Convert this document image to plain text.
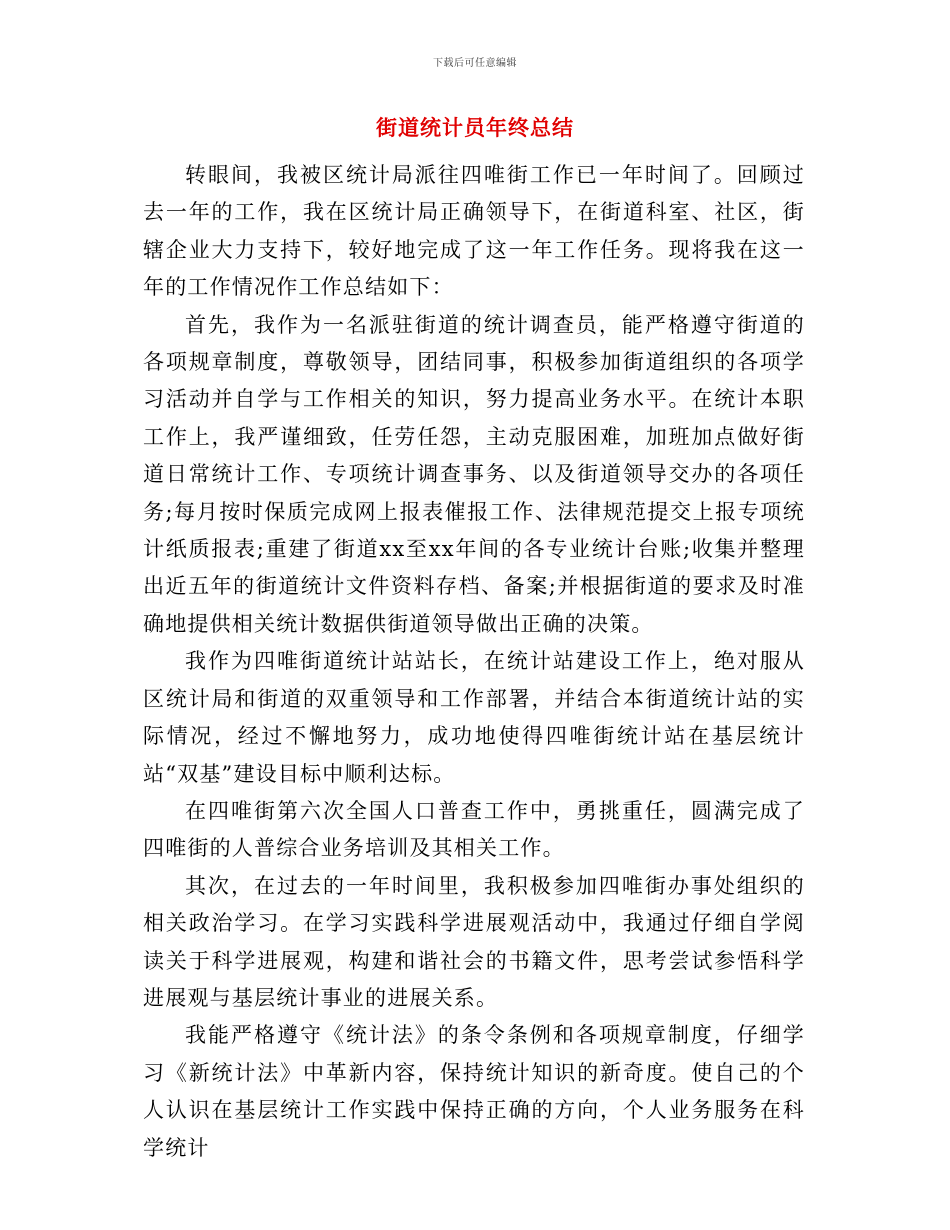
下载后可任意编辑
街道统计员年终总结

转眼间，我被区统计局派往四唯街工作已一年时间了。回顾过去一年的工作，我在区统计局正确领导下，在街道科室、社区，街辖企业大力支持下，较好地完成了这一年工作任务。现将我在这一年的工作情况作工作总结如下：

首先，我作为一名派驻街道的统计调查员，能严格遵守街道的各项规章制度，尊敬领导，团结同事，积极参加街道组织的各项学习活动并自学与工作相关的知识，努力提高业务水平。在统计本职工作上，我严谨细致，任劳任怨，主动克服困难，加班加点做好街道日常统计工作、专项统计调查事务、以及街道领导交办的各项任务;每月按时保质完成网上报表催报工作、法律规范提交上报专项统计纸质报表;重建了街道xx至xx年间的各专业统计台账;收集并整理出近五年的街道统计文件资料存档、备案;并根据街道的要求及时准确地提供相关统计数据供街道领导做出正确的决策。

我作为四唯街道统计站站长，在统计站建设工作上，绝对服从区统计局和街道的双重领导和工作部署，并结合本街道统计站的实际情况，经过不懈地努力，成功地使得四唯街统计站在基层统计站“双基”建设目标中顺利达标。

在四唯街第六次全国人口普查工作中，勇挑重任，圆满完成了四唯街的人普综合业务培训及其相关工作。

其次，在过去的一年时间里，我积极参加四唯街办事处组织的相关政治学习。在学习实践科学进展观活动中，我通过仔细自学阅读关于科学进展观，构建和谐社会的书籍文件，思考尝试参悟科学进展观与基层统计事业的进展关系。

我能严格遵守《统计法》的条令条例和各项规章制度，仔细学习《新统计法》中革新内容，保持统计知识的新奇度。使自己的个人认识在基层统计工作实践中保持正确的方向，个人业务服务在科学统计
